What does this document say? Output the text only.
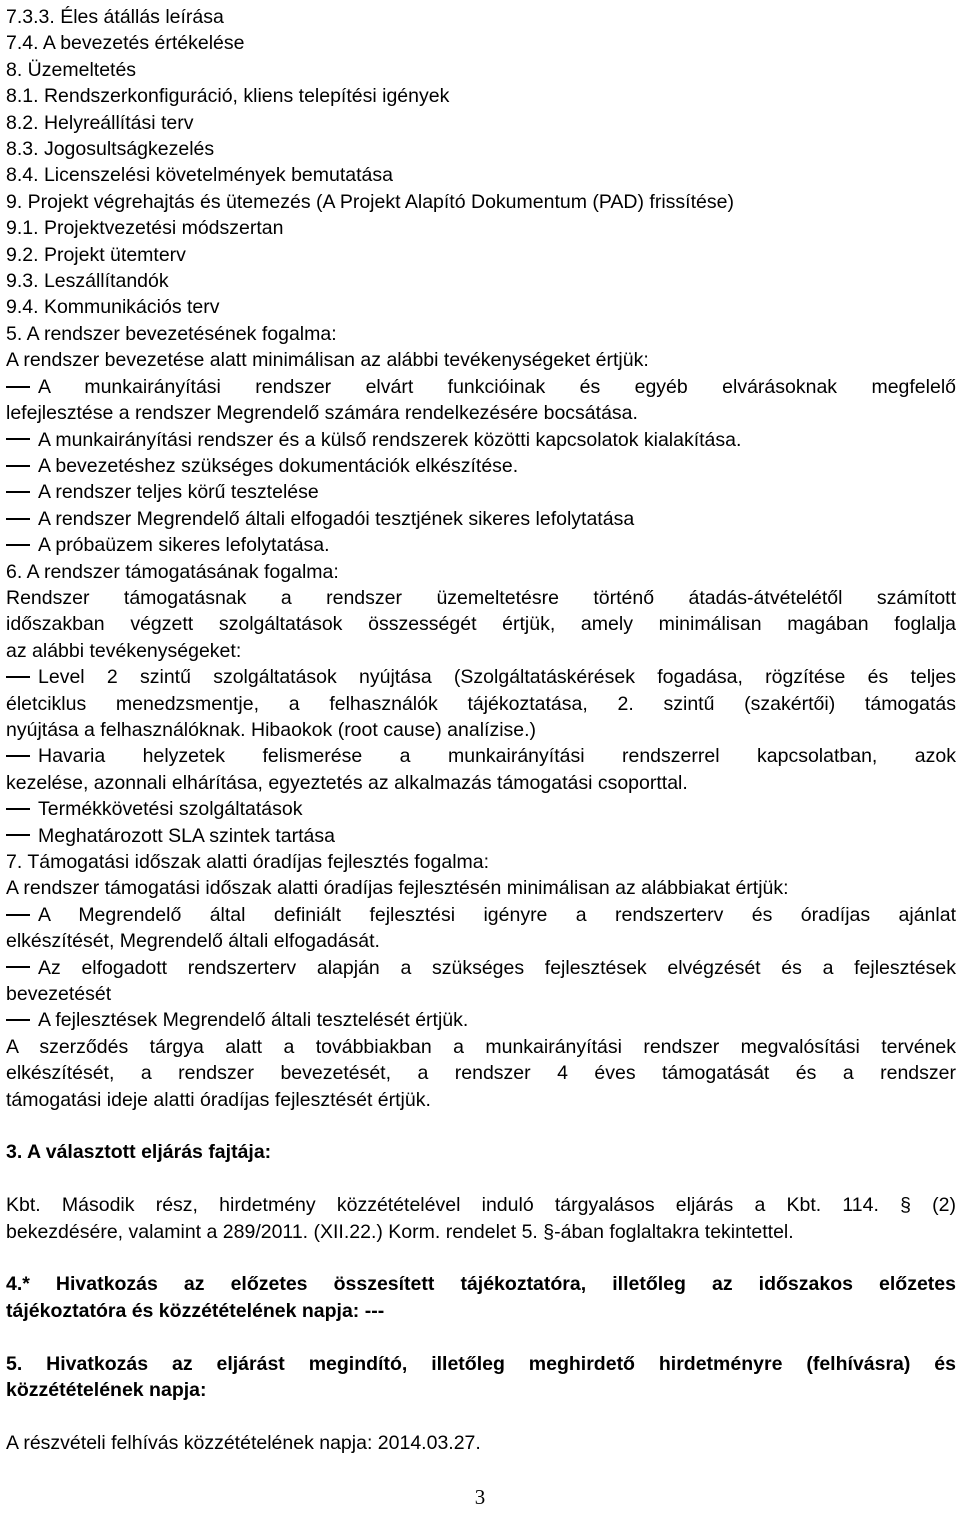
7.3.3. Éles átállás leírása
7.4. A bevezetés értékelése
8. Üzemeltetés
8.1. Rendszerkonfiguráció, kliens telepítési igények
8.2. Helyreállítási terv
8.3. Jogosultságkezelés
8.4. Licenszelési követelmények bemutatása
9. Projekt végrehajtás és ütemezés (A Projekt Alapító Dokumentum (PAD) frissítése)
9.1. Projektvezetési módszertan
9.2. Projekt ütemterv
9.3. Leszállítandók
9.4. Kommunikációs terv
5. A rendszer bevezetésének fogalma:
A rendszer bevezetése alatt minimálisan az alábbi tevékenységeket értjük:
A munkairányítási rendszer elvárt funkcióinak és egyéb elvárásoknak megfelelő
lefejlesztése a rendszer Megrendelő számára rendelkezésére bocsátása.
A munkairányítási rendszer és a külső rendszerek közötti kapcsolatok kialakítása.
A bevezetéshez szükséges dokumentációk elkészítése.
A rendszer teljes körű tesztelése
A rendszer Megrendelő általi elfogadói tesztjének sikeres lefolytatása
A próbaüzem sikeres lefolytatása.
6. A rendszer támogatásának fogalma:
Rendszer támogatásnak a rendszer üzemeltetésre történő átadás-átvételétől számított
időszakban végzett szolgáltatások összességét értjük, amely minimálisan magában foglalja
az alábbi tevékenységeket:
Level 2 szintű szolgáltatások nyújtása (Szolgáltatáskérések fogadása, rögzítése és teljes
életciklus menedzsmentje, a felhasználók tájékoztatása, 2. szintű (szakértői) támogatás
nyújtása a felhasználóknak. Hibaokok (root cause) analízise.)
Havaria helyzetek felismerése a munkairányítási rendszerrel kapcsolatban, azok
kezelése, azonnali elhárítása, egyeztetés az alkalmazás támogatási csoporttal.
Termékkövetési szolgáltatások
Meghatározott SLA szintek tartása
7. Támogatási időszak alatti óradíjas fejlesztés fogalma:
A rendszer támogatási időszak alatti óradíjas fejlesztésén minimálisan az alábbiakat értjük:
A Megrendelő által definiált fejlesztési igényre a rendszerterv és óradíjas ajánlat
elkészítését, Megrendelő általi elfogadását.
Az elfogadott rendszerterv alapján a szükséges fejlesztések elvégzését és a fejlesztések
bevezetését
A fejlesztések Megrendelő általi tesztelését értjük.
A szerződés tárgya alatt a továbbiakban a munkairányítási rendszer megvalósítási tervének
elkészítését, a rendszer bevezetését, a rendszer 4 éves támogatását és a rendszer
támogatási ideje alatti óradíjas fejlesztését értjük.
3. A választott eljárás fajtája:
Kbt. Második rész, hirdetmény közzétételével induló tárgyalásos eljárás a Kbt. 114. § (2)
bekezdésére, valamint a 289/2011. (XII.22.) Korm. rendelet 5. §-ában foglaltakra tekintettel.
4.* Hivatkozás az előzetes összesített tájékoztatóra, illetőleg az időszakos előzetes
tájékoztatóra és közzétételének napja: ---
5. Hivatkozás az eljárást megindító, illetőleg meghirdető hirdetményre (felhívásra) és
közzétételének napja:
A részvételi felhívás közzétételének napja: 2014.03.27.
3
